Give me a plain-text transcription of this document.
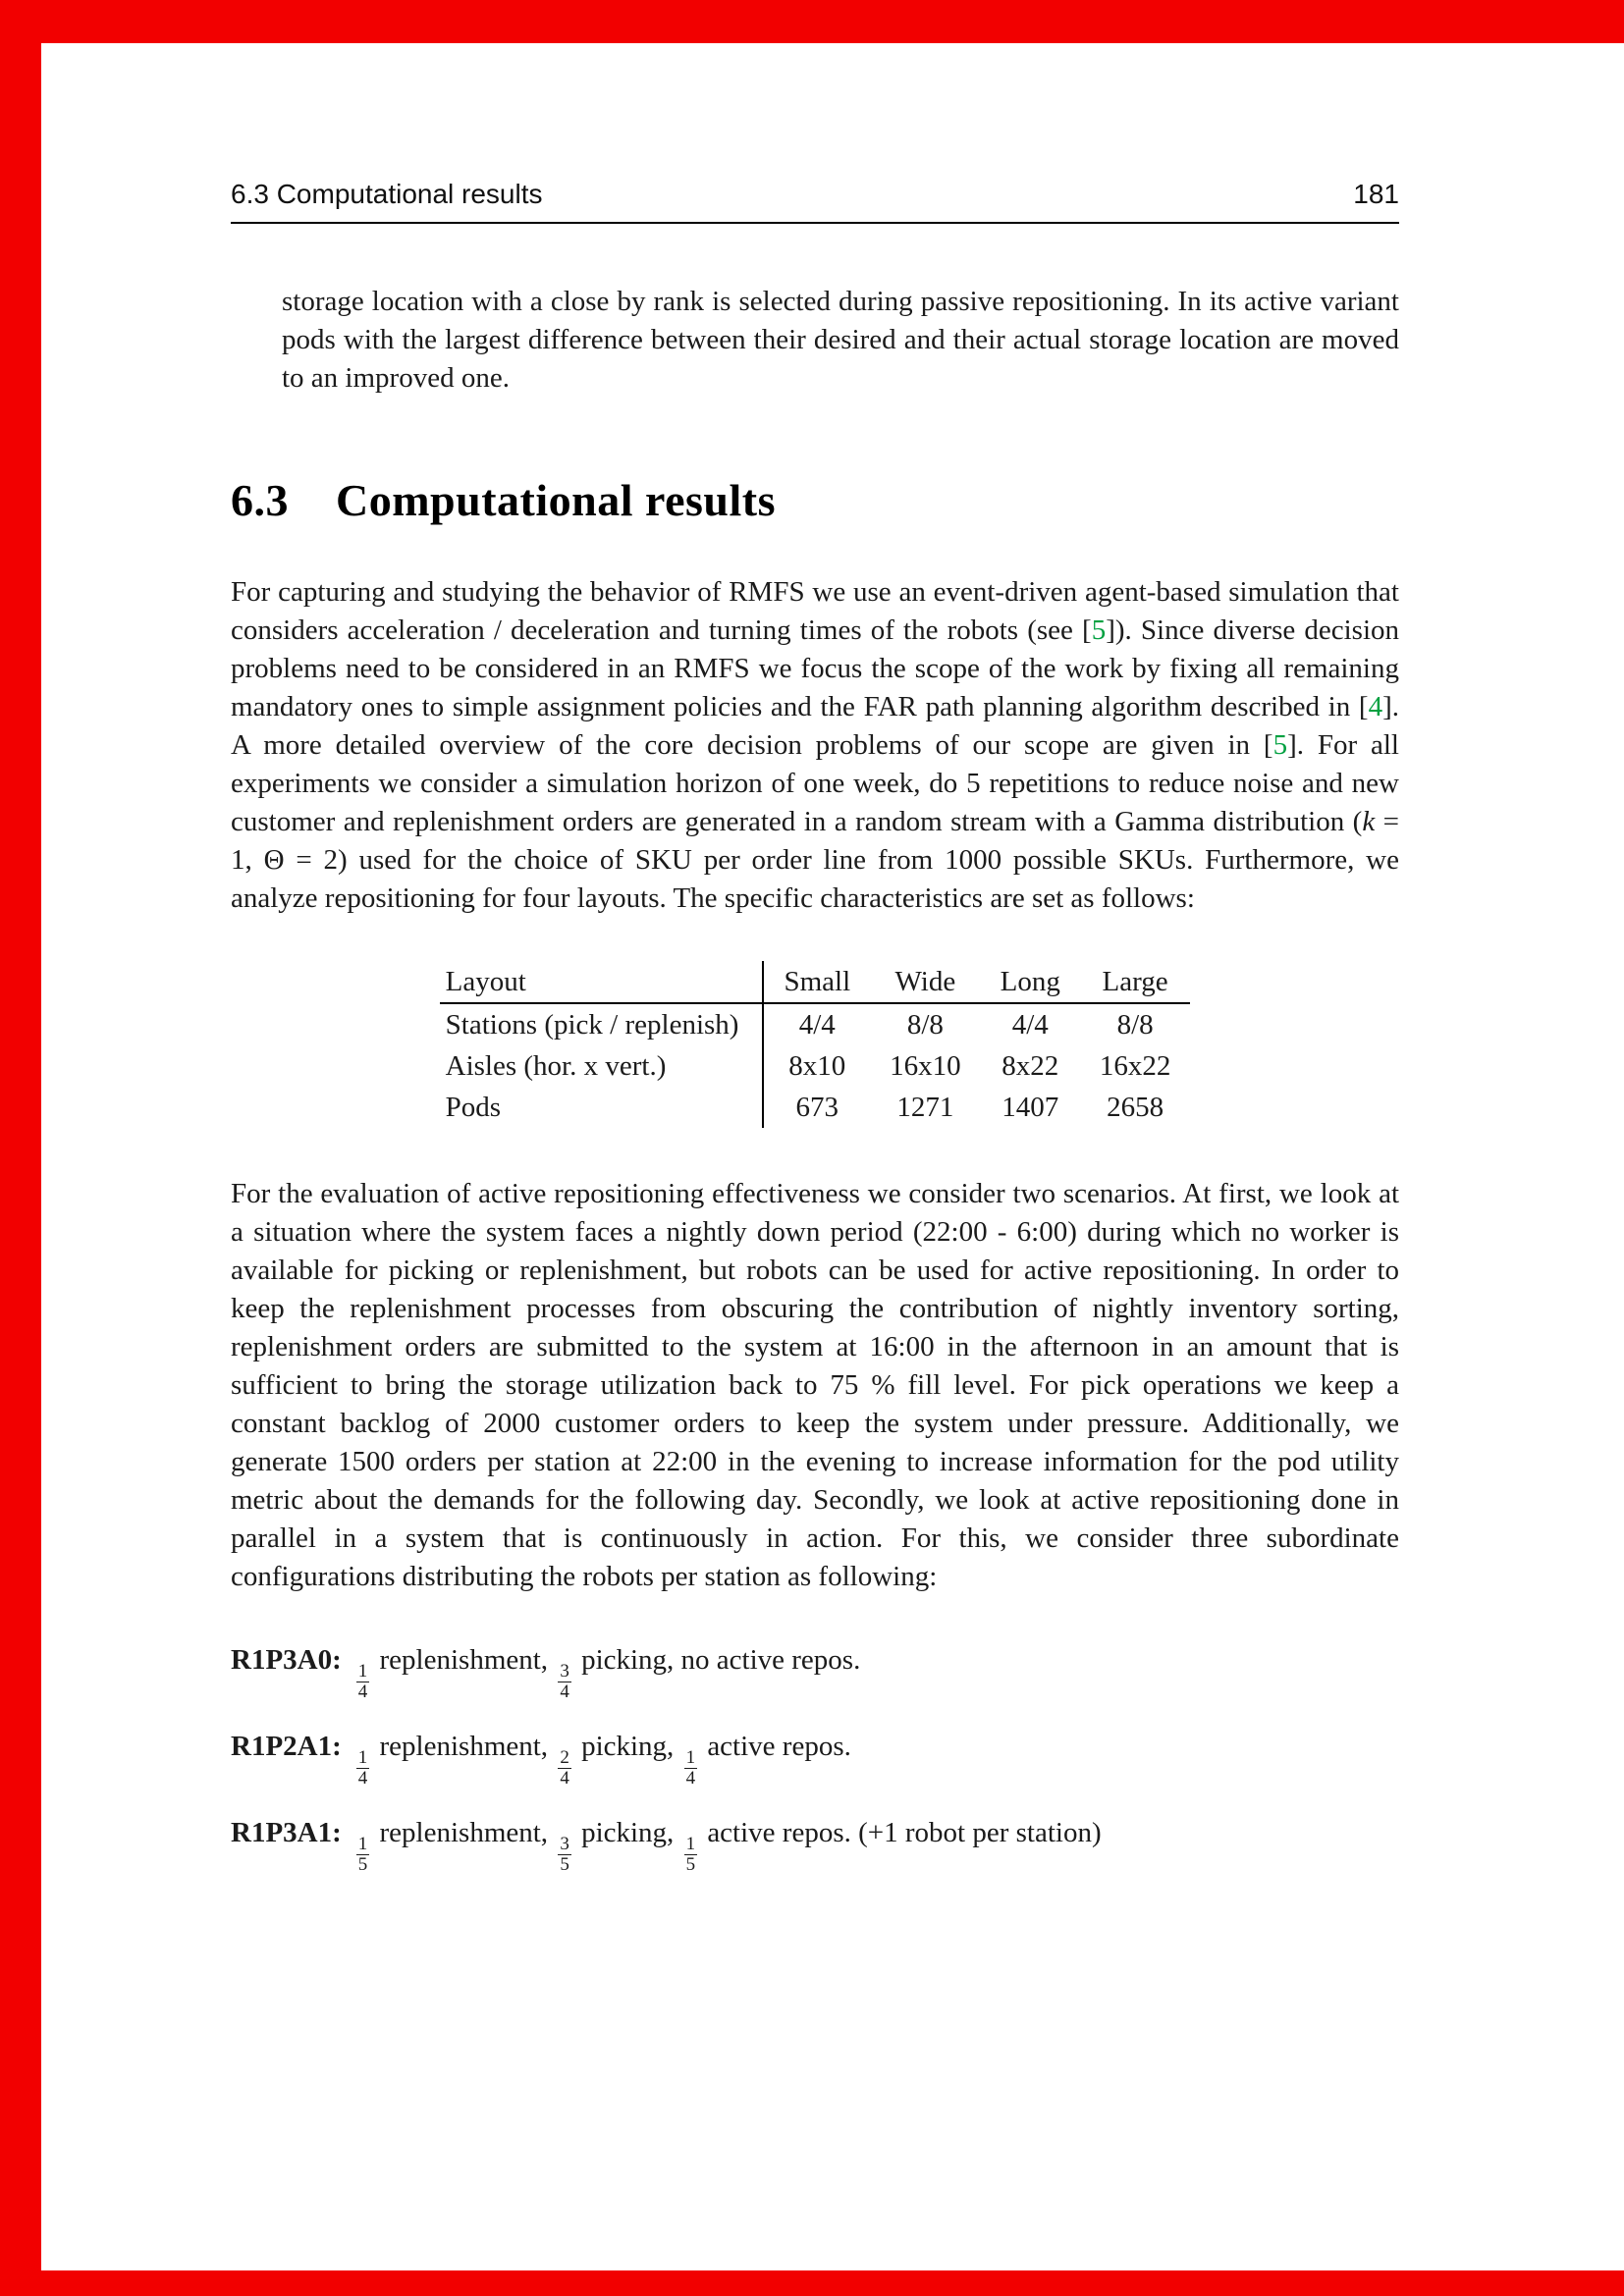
6.3 Computational results	181

storage location with a close by rank is selected during passive repositioning. In its active variant pods with the largest difference between their desired and their actual storage location are moved to an improved one.

6.3 Computational results

For capturing and studying the behavior of RMFS we use an event-driven agent-based simulation that considers acceleration / deceleration and turning times of the robots (see [5]). Since diverse decision problems need to be considered in an RMFS we focus the scope of the work by fixing all remaining mandatory ones to simple assignment policies and the FAR path planning algorithm described in [4]. A more detailed overview of the core decision problems of our scope are given in [5]. For all experiments we consider a simulation horizon of one week, do 5 repetitions to reduce noise and new customer and replenishment orders are generated in a random stream with a Gamma distribution (k = 1, Θ = 2) used for the choice of SKU per order line from 1000 possible SKUs. Furthermore, we analyze repositioning for four layouts. The specific characteristics are set as follows:

Layout	Small	Wide	Long	Large
Stations (pick / replenish)	4/4	8/8	4/4	8/8
Aisles (hor. x vert.)	8x10	16x10	8x22	16x22
Pods	673	1271	1407	2658

For the evaluation of active repositioning effectiveness we consider two scenarios. At first, we look at a situation where the system faces a nightly down period (22:00 - 6:00) during which no worker is available for picking or replenishment, but robots can be used for active repositioning. In order to keep the replenishment processes from obscuring the contribution of nightly inventory sorting, replenishment orders are submitted to the system at 16:00 in the afternoon in an amount that is sufficient to bring the storage utilization back to 75 % fill level. For pick operations we keep a constant backlog of 2000 customer orders to keep the system under pressure. Additionally, we generate 1500 orders per station at 22:00 in the evening to increase information for the pod utility metric about the demands for the following day. Secondly, we look at active repositioning done in parallel in a system that is continuously in action. For this, we consider three subordinate configurations distributing the robots per station as following:

R1P3A0:
$\frac{1}{4}$
replenishment,
$\frac{3}{4}$
picking, no active repos.
R1P2A1:
$\frac{1}{4}$
replenishment,
$\frac{2}{4}$
picking,
$\frac{1}{4}$
active repos.
R1P3A1:
$\frac{1}{5}$
replenishment,
$\frac{3}{5}$
picking,
$\frac{1}{5}$
active repos. (+1 robot per station)
